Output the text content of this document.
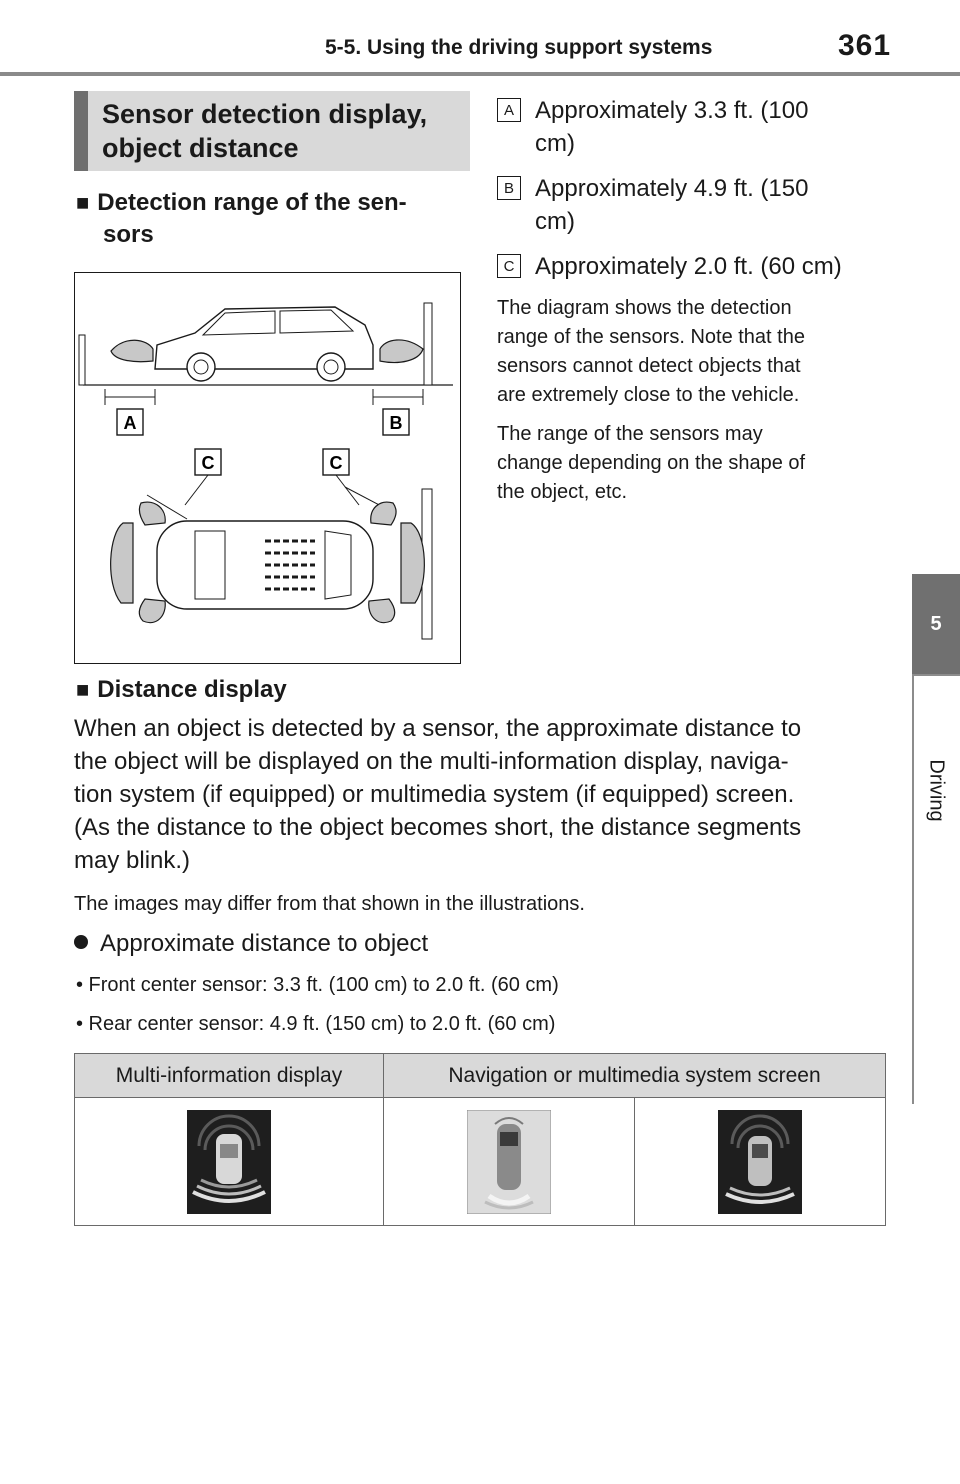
5-5. Using the driving support systems	361
5
Driving
Sensor detection display,
object distance
■ Detection range of the sen-
sors
A	B
C	C
A Approximately 3.3 ft. (100
cm)
B Approximately 4.9 ft. (150
cm)
C Approximately 2.0 ft. (60 cm)
The diagram shows the detection
range of the sensors. Note that the
sensors cannot detect objects that
are extremely close to the vehicle.
The range of the sensors may
change depending on the shape of
the object, etc.
■ Distance display
When an object is detected by a sensor, the approximate distance to
the object will be displayed on the multi-information display, naviga-
tion system (if equipped) or multimedia system (if equipped) screen.
(As the distance to the object becomes short, the distance segments
may blink.)
The images may differ from that shown in the illustrations.
Approximate distance to object
• Front center sensor: 3.3 ft. (100 cm) to 2.0 ft. (60 cm)
• Rear center sensor: 4.9 ft. (150 cm) to 2.0 ft. (60 cm)
Multi-information display	Navigation or multimedia system screen	
